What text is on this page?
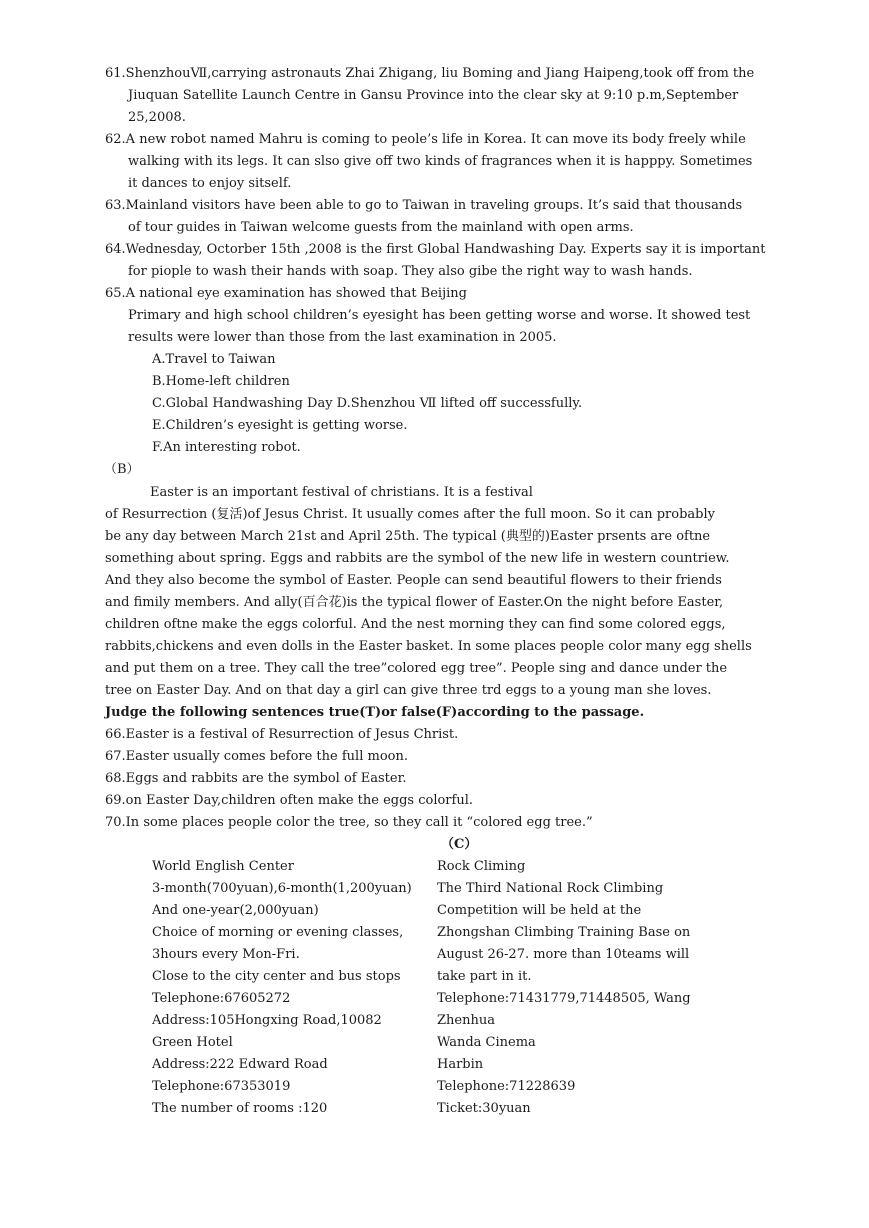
61.ShenzhouⅦ,carrying astronauts Zhai Zhigang, liu Boming and Jiang Haipeng,took off from the
Jiuquan Satellite Launch Centre in Gansu Province into the clear sky at 9:10 p.m,September
25,2008.
62.A new robot named Mahru is coming to peole’s life in Korea. It can move its body freely while
walking with its legs. It can slso give off two kinds of fragrances when it is happpy. Sometimes
it dances to enjoy sitself.
63.Mainland visitors have been able to go to Taiwan in traveling groups. It’s said that thousands
of tour guides in Taiwan welcome guests from the mainland with open arms.
64.Wednesday, Octorber 15th ,2008 is the first Global Handwashing Day. Experts say it is important
for piople to wash their hands with soap. They also gibe the right way to wash hands.
65.A national eye examination has showed that Beijing
Primary and high school children’s eyesight has been getting worse and worse. It showed test
results were lower than those from the last examination in 2005.
A.Travel to Taiwan
B.Home-left children
C.Global Handwashing Day D.Shenzhou Ⅶ lifted off successfully.
E.Children’s eyesight is getting worse.
F.An interesting robot.
（B）
Easter is an important festival of christians. It is a festival
of Resurrection (复活)of Jesus Christ. It usually comes after the full moon. So it can probably
be any day between March 21st and April 25th. The typical (典型的)Easter prsents are oftne
something about spring. Eggs and rabbits are the symbol of the new life in western countriew.
And they also become the symbol of Easter. People can send beautiful flowers to their friends
and fimily members. And ally(百合花)is the typical flower of Easter.On the night before Easter,
children oftne make the eggs colorful. And the nest morning they can find some colored eggs,
rabbits,chickens and even dolls in the Easter basket. In some places people color many egg shells
and put them on a tree. They call the tree”colored egg tree”. People sing and dance under the
tree on Easter Day. And on that day a girl can give three trd eggs to a young man she loves.
Judge the following sentences true(T)or false(F)according to the passage.
66.Easter is a festival of Resurrection of Jesus Christ.
67.Easter usually comes before the full moon.
68.Eggs and rabbits are the symbol of Easter.
69.on Easter Day,children often make the eggs colorful.
70.In some places people color the tree, so they call it “colored egg tree.”
（C）
World English Center
3-month(700yuan),6-month(1,200yuan)
And one-year(2,000yuan)
Choice of morning or evening classes,
3hours every Mon-Fri.
Close to the city center and bus stops
Telephone:67605272
Address:105Hongxing Road,10082
Green Hotel
Address:222 Edward Road
Telephone:67353019
The number of rooms :120
Rock Climing
The Third National Rock Climbing
Competition will be held at the
Zhongshan Climbing Training Base on
August 26-27. more than 10teams will
take part in it.
Telephone:71431779,71448505, Wang
Zhenhua
Wanda Cinema
Harbin
Telephone:71228639
Ticket:30yuan
